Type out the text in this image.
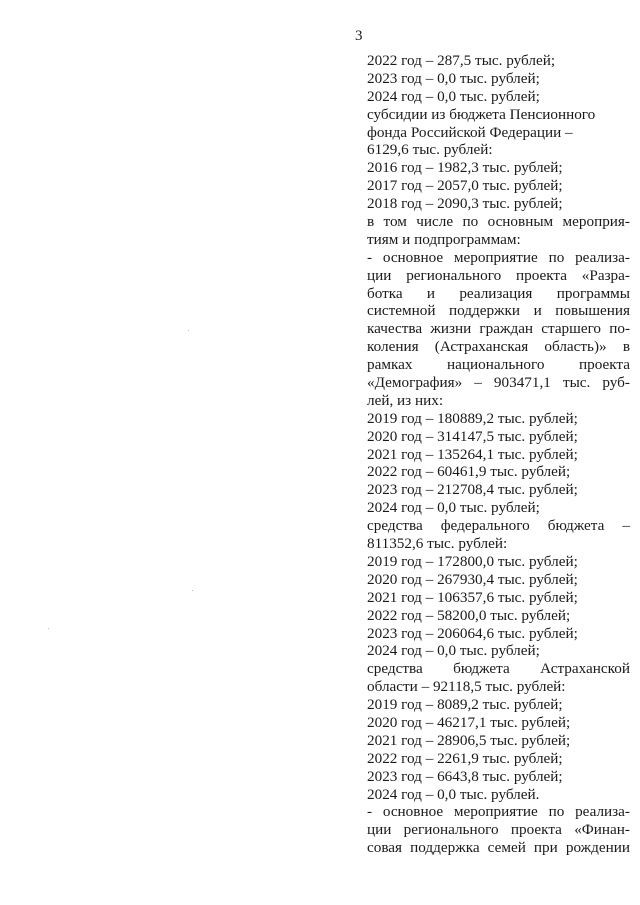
3
2022 год – 287,5 тыс. рублей;
2023 год – 0,0 тыс. рублей;
2024 год – 0,0 тыс. рублей;
субсидии из бюджета Пенсионного
фонда Российской Федерации –
6129,6 тыс. рублей:
2016 год – 1982,3 тыс. рублей;
2017 год – 2057,0 тыс. рублей;
2018 год – 2090,3 тыс. рублей;
в том числе по основным мероприя-
тиям и подпрограммам:
- основное мероприятие по реализа-
ции регионального проекта «Разра-
ботка и реализация программы
системной поддержки и повышения
качества жизни граждан старшего по-
коления (Астраханская область)» в
рамках национального проекта
«Демография» – 903471,1 тыс. руб-
лей, из них:
2019 год – 180889,2 тыс. рублей;
2020 год – 314147,5 тыс. рублей;
2021 год – 135264,1 тыс. рублей;
2022 год – 60461,9 тыс. рублей;
2023 год – 212708,4 тыс. рублей;
2024 год – 0,0 тыс. рублей;
средства федерального бюджета –
811352,6 тыс. рублей:
2019 год – 172800,0 тыс. рублей;
2020 год – 267930,4 тыс. рублей;
2021 год – 106357,6 тыс. рублей;
2022 год – 58200,0 тыс. рублей;
2023 год – 206064,6 тыс. рублей;
2024 год – 0,0 тыс. рублей;
средства бюджета Астраханской
области – 92118,5 тыс. рублей:
2019 год – 8089,2 тыс. рублей;
2020 год – 46217,1 тыс. рублей;
2021 год – 28906,5 тыс. рублей;
2022 год – 2261,9 тыс. рублей;
2023 год – 6643,8 тыс. рублей;
2024 год – 0,0 тыс. рублей.
- основное мероприятие по реализа-
ции регионального проекта «Финан-
совая поддержка семей при рождении
